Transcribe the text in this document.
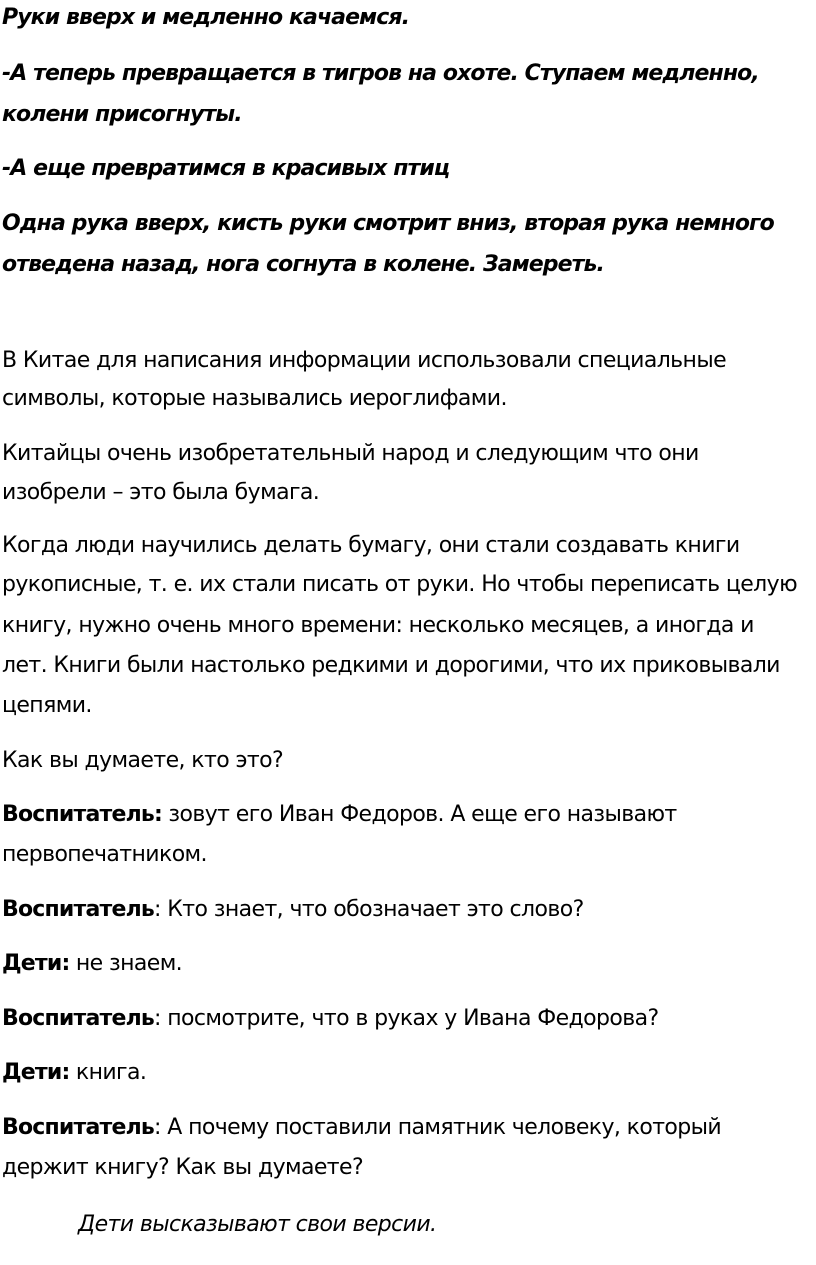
Руки вверх и медленно качаемся.
-А теперь превращается в тигров на охоте. Ступаем медленно,
колени присогнуты.
-А еще превратимся в красивых птиц
Одна рука вверх, кисть руки смотрит вниз, вторая рука немного
отведена назад, нога согнута в колене. Замереть.
В Китае для написания информации использовали специальные
символы, которые назывались иероглифами.
Китайцы очень изобретательный народ и следующим что они
изобрели – это была бумага.
Когда люди научились делать бумагу, они стали создавать книги
рукописные, т. е. их стали писать от руки. Но чтобы переписать целую
книгу, нужно очень много времени: несколько месяцев, а иногда и
лет. Книги были настолько редкими и дорогими, что их приковывали
цепями.
Как вы думаете, кто это?
Воспитатель: зовут его Иван Федоров. А еще его называют
первопечатником.
Воспитатель: Кто знает, что обозначает это слово?
Дети: не знаем.
Воспитатель: посмотрите, что в руках у Ивана Федорова?
Дети: книга.
Воспитатель: А почему поставили памятник человеку, который
держит книгу? Как вы думаете?
Дети высказывают свои версии.
